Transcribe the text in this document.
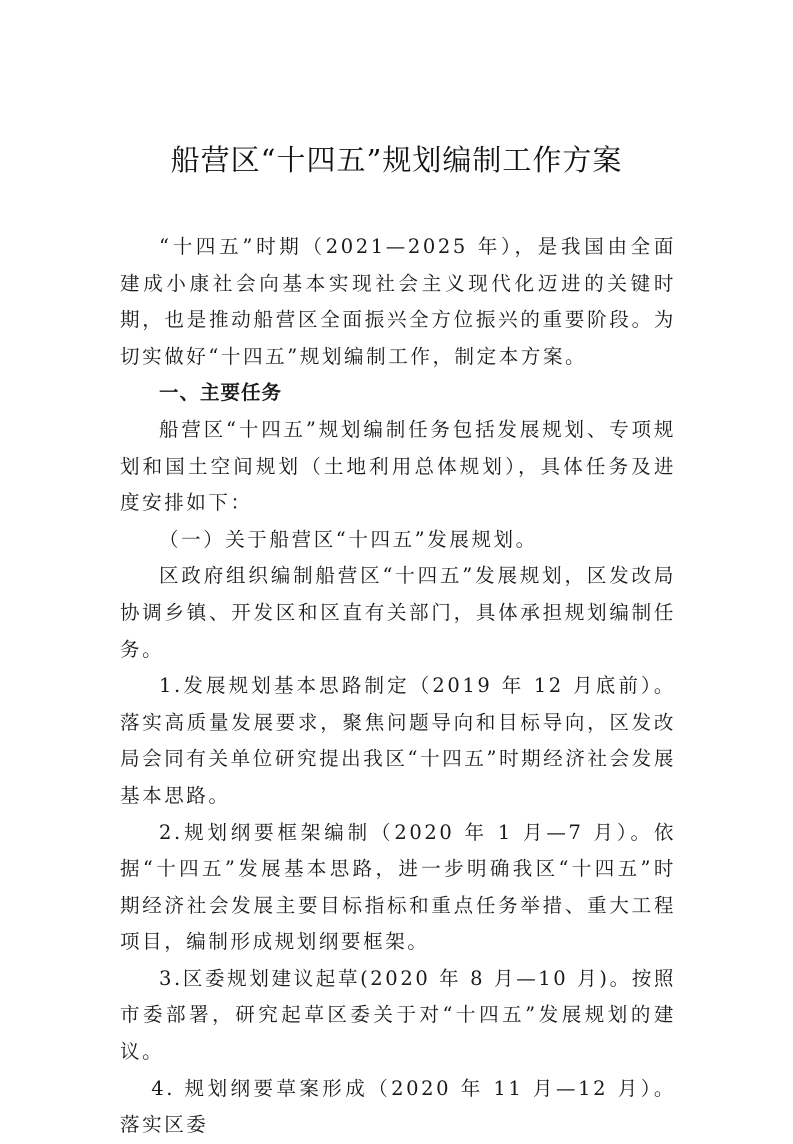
船营区“十四五”规划编制工作方案

“十四五”时期（2021—2025 年），是我国由全面建成小康社会向基本实现社会主义现代化迈进的关键时期，也是推动船营区全面振兴全方位振兴的重要阶段。为切实做好“十四五”规划编制工作，制定本方案。

一、主要任务

船营区“十四五”规划编制任务包括发展规划、专项规划和国土空间规划（土地利用总体规划），具体任务及进度安排如下：

（一）关于船营区“十四五”发展规划。

区政府组织编制船营区“十四五”发展规划，区发改局协调乡镇、开发区和区直有关部门，具体承担规划编制任务。

1.发展规划基本思路制定（2019 年 12 月底前）。落实高质量发展要求，聚焦问题导向和目标导向，区发改局会同有关单位研究提出我区“十四五”时期经济社会发展基本思路。

2.规划纲要框架编制（2020 年 1 月—7 月）。依据“十四五”发展基本思路，进一步明确我区“十四五”时期经济社会发展主要目标指标和重点任务举措、重大工程项目，编制形成规划纲要框架。

3.区委规划建议起草(2020 年 8 月—10 月)。按照市委部署，研究起草区委关于对“十四五”发展规划的建议。

4. 规划纲要草案形成（2020 年 11 月—12 月）。落实区委
